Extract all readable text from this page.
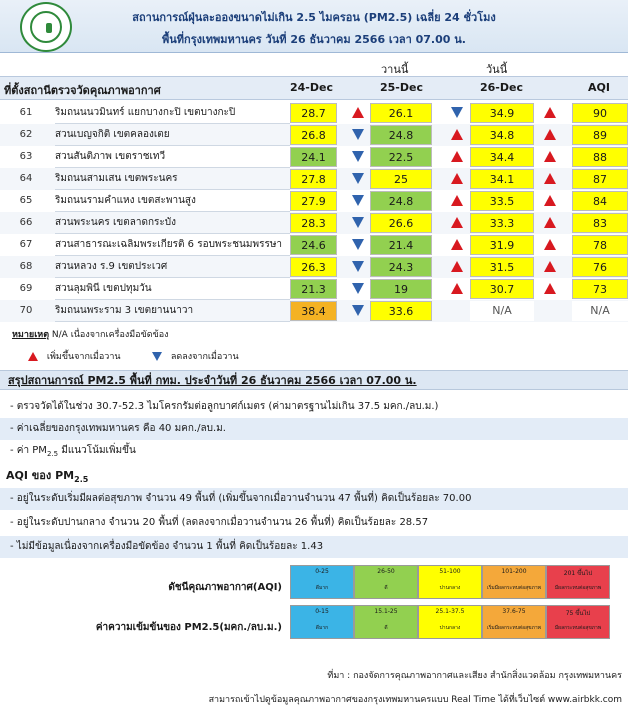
สถานการณ์ฝุ่นละอองขนาดไม่เกิน 2.5 ไมครอน (PM2.5) เฉลี่ย 24 ชั่วโมง
พื้นที่กรุงเทพมหานคร วันที่ 26 ธันวาคม 2566 เวลา 07.00 น.
วานนี้	วันนี้
ที่ตั้งสถานีตรวจวัดคุณภาพอากาศ	24-Dec	25-Dec	26-Dec	AQI
61	ริมถนนนวมินทร์ แยกบางกะปิ เขตบางกะปิ	28.7	26.1	34.9	90
62	สวนเบญจกิติ เขตคลองเตย	26.8	24.8	34.8	89
63	สวนสันติภาพ เขตราชเทวี	24.1	22.5	34.4	88
64	ริมถนนสามเสน เขตพระนคร	27.8	25	34.1	87
65	ริมถนนรามคำแหง เขตสะพานสูง	27.9	24.8	33.5	84
66	สวนพระนคร เขตลาดกระบัง	28.3	26.6	33.3	83
67	สวนสาธารณะเฉลิมพระเกียรติ 6 รอบพระชนมพรรษา	24.6	21.4	31.9	78
68	สวนหลวง ร.9 เขตประเวศ	26.3	24.3	31.5	76
69	สวนลุมพินี เขตปทุมวัน	21.3	19	30.7	73
70	ริมถนนพระราม 3 เขตยานนาวา	38.4	33.6	N/A	N/A
หมายเหตุ N/A เนื่องจากเครื่องมือขัดข้อง
เพิ่มขึ้นจากเมื่อวาน	ลดลงจากเมื่อวาน
สรุปสถานการณ์ PM2.5 พื้นที่ กทม. ประจำวันที่ 26 ธันวาคม 2566 เวลา 07.00 น.
- ตรวจวัดได้ในช่วง 30.7-52.3 ไมโครกรัมต่อลูกบาศก์เมตร (ค่ามาตรฐานไม่เกิน 37.5 มคก./ลบ.ม.)
- ค่าเฉลี่ยของกรุงเทพมหานคร คือ 40 มคก./ลบ.ม.
- ค่า $PM_{2.5}$ มีแนวโน้มเพิ่มขึ้น
AQI ของ $PM_{2.5}$
- อยู่ในระดับเริ่มมีผลต่อสุขภาพ จำนวน 49 พื้นที่ (เพิ่มขึ้นจากเมื่อวานจำนวน 47 พื้นที่) คิดเป็นร้อยละ 70.00
- อยู่ในระดับปานกลาง จำนวน 20 พื้นที่ (ลดลงจากเมื่อวานจำนวน 26 พื้นที่) คิดเป็นร้อยละ 28.57
- ไม่มีข้อมูลเนื่องจากเครื่องมือขัดข้อง จำนวน 1 พื้นที่ คิดเป็นร้อยละ 1.43
ดัชนีคุณภาพอากาศ(AQI)
0-25
ดีมาก
26-50
ดี
51-100
ปานกลาง
101-200
เริ่มมีผลกระทบต่อสุขภาพ
201 ขึ้นไป
มีผลกระทบต่อสุขภาพ
ค่าความเข้มข้นของ PM2.5(มคก./ลบ.ม.)
0-15
ดีมาก
15.1-25
ดี
25.1-37.5
ปานกลาง
37.6-75
เริ่มมีผลกระทบต่อสุขภาพ
75 ขึ้นไป
มีผลกระทบต่อสุขภาพ
ที่มา : กองจัดการคุณภาพอากาศและเสียง สำนักสิ่งแวดล้อม กรุงเทพมหานคร
สามารถเข้าไปดูข้อมูลคุณภาพอากาศของกรุงเทพมหานครแบบ Real Time ได้ที่เว็บไซต์ www.airbkk.com
